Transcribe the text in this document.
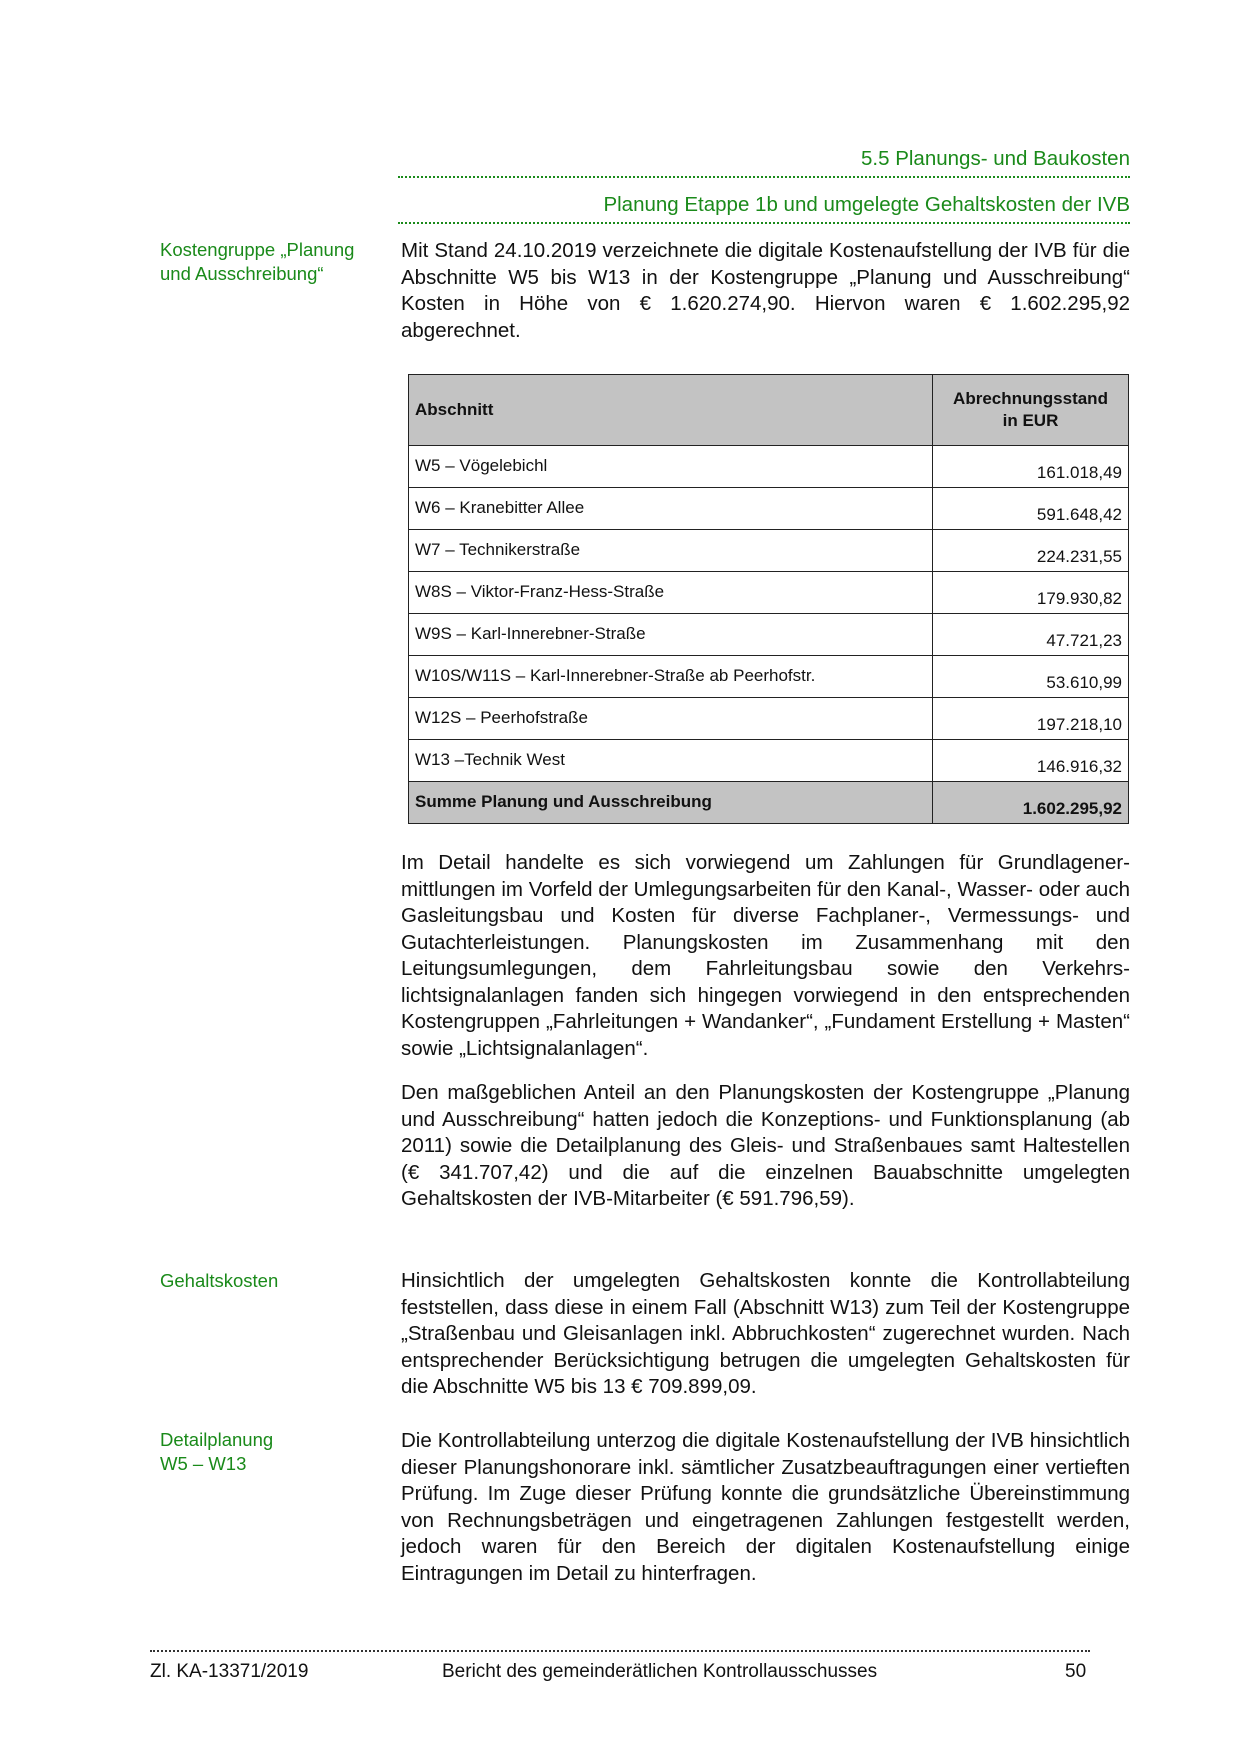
5.5 Planungs- und Baukosten
Planung Etappe 1b und umgelegte Gehaltskosten der IVB
Kostengruppe „Planung und Ausschreibung“
Mit Stand 24.10.2019 verzeichnete die digitale Kostenaufstellung der IVB für die Abschnitte W5 bis W13 in der Kostengruppe „Planung und Ausschreibung“ Kosten in Höhe von € 1.620.274,90. Hiervon waren € 1.602.295,92 abgerechnet.
Abschnitt	Abrechnungsstand
in EUR
W5 – Vögelebichl	161.018,49
W6 – Kranebitter Allee	591.648,42
W7 – Technikerstraße	224.231,55
W8S – Viktor-Franz-Hess-Straße	179.930,82
W9S – Karl-Innerebner-Straße	47.721,23
W10S/W11S – Karl-Innerebner-Straße ab Peerhofstr.	53.610,99
W12S – Peerhofstraße	197.218,10
W13 –Technik West	146.916,32
Summe Planung und Ausschreibung	1.602.295,92
Im Detail handelte es sich vorwiegend um Zahlungen für Grundlagenermittlungen im Vorfeld der Umlegungsarbeiten für den Kanal-, Wasser- oder auch Gasleitungsbau und Kosten für diverse Fachplaner-, Vermessungs- und Gutachterleistungen. Planungskosten im Zusammenhang mit den Leitungsumlegungen, dem Fahrleitungsbau sowie den Verkehrslichtsignalanlagen fanden sich hingegen vorwiegend in den entsprechenden Kostengruppen „Fahrleitungen + Wandanker“, „Fundament Erstellung + Masten“ sowie „Lichtsignalanlagen“.
Den maßgeblichen Anteil an den Planungskosten der Kostengruppe „Planung und Ausschreibung“ hatten jedoch die Konzeptions- und Funktionsplanung (ab 2011) sowie die Detailplanung des Gleis- und Straßenbaues samt Haltestellen (€ 341.707,42) und die auf die einzelnen Bauabschnitte umgelegten Gehaltskosten der IVB-Mitarbeiter (€ 591.796,59).
Gehaltskosten	Hinsichtlich der umgelegten Gehaltskosten konnte die Kontrollabteilung feststellen, dass diese in einem Fall (Abschnitt W13) zum Teil der Kostengruppe „Straßenbau und Gleisanlagen inkl. Abbruchkosten“ zugerechnet wurden. Nach entsprechender Berücksichtigung betrugen die umgelegten Gehaltskosten für die Abschnitte W5 bis 13 € 709.899,09.
Detailplanung
W5 – W13
Die Kontrollabteilung unterzog die digitale Kostenaufstellung der IVB hinsichtlich dieser Planungshonorare inkl. sämtlicher Zusatzbeauftragungen einer vertieften Prüfung. Im Zuge dieser Prüfung konnte die grundsätzliche Übereinstimmung von Rechnungsbeträgen und eingetragenen Zahlungen festgestellt werden, jedoch waren für den Bereich der digitalen Kostenaufstellung einige Eintragungen im Detail zu hinterfragen.
Zl. KA-13371/2019	Bericht des gemeinderätlichen Kontrollausschusses	50
